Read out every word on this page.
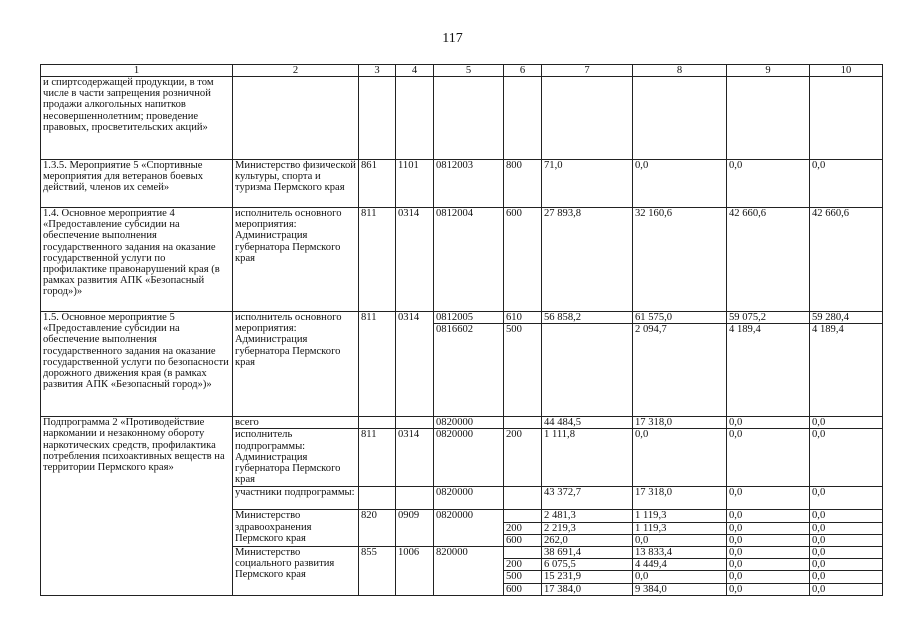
117
1	2	3	4	5	6	7	8	9	10
и спиртсодержащей продукции, в том числе в части запрещения розничной продажи алкогольных напитков несовершеннолетним; проведение правовых, просветительских акций»									
1.3.5. Мероприятие 5 «Спортивные мероприятия для ветеранов боевых действий, членов их семей»	Министерство физической культуры, спорта и туризма Пермского края	861	1101	0812003	800	71,0	0,0	0,0	0,0
1.4. Основное мероприятие 4 «Предоставление субсидии на обеспечение выполнения государственного задания на оказание государственной услуги по профилактике правонарушений края (в рамках развития АПК «Безопасный город»)»	исполнитель основного мероприятия: Администрация губернатора Пермского края	811	0314	0812004	600	27 893,8	32 160,6	42 660,6	42 660,6
1.5. Основное мероприятие 5 «Предоставление субсидии на обеспечение выполнения государственного задания на оказание государственной услуги по безопасности дорожного движения края (в рамках развития АПК «Безопасный город»)»	исполнитель основного мероприятия: Администрация губернатора Пермского края	811	0314	0812005	610	56 858,2	61 575,0	59 075,2	59 280,4
				0816602	500		2 094,7	4 189,4	4 189,4
Подпрограмма 2 «Противодействие наркомании и незаконному обороту наркотических средств, профилактика потребления психоактивных веществ на территории Пермского края»	всего			0820000		44 484,5	17 318,0	0,0	0,0
	исполнитель подпрограммы: Администрация губернатора Пермского края	811	0314	0820000	200	1 111,8	0,0	0,0	0,0
	участники подпрограммы:			0820000		43 372,7	17 318,0	0,0	0,0
	Министерство здравоохранения Пермского края	820	0909	0820000		2 481,3	1 119,3	0,0	0,0
					200	2 219,3	1 119,3	0,0	0,0
					600	262,0	0,0	0,0	0,0
	Министерство социального развития Пермского края	855	1006	820000		38 691,4	13 833,4	0,0	0,0
					200	6 075,5	4 449,4	0,0	0,0
					500	15 231,9	0,0	0,0	0,0
					600	17 384,0	9 384,0	0,0	0,0
